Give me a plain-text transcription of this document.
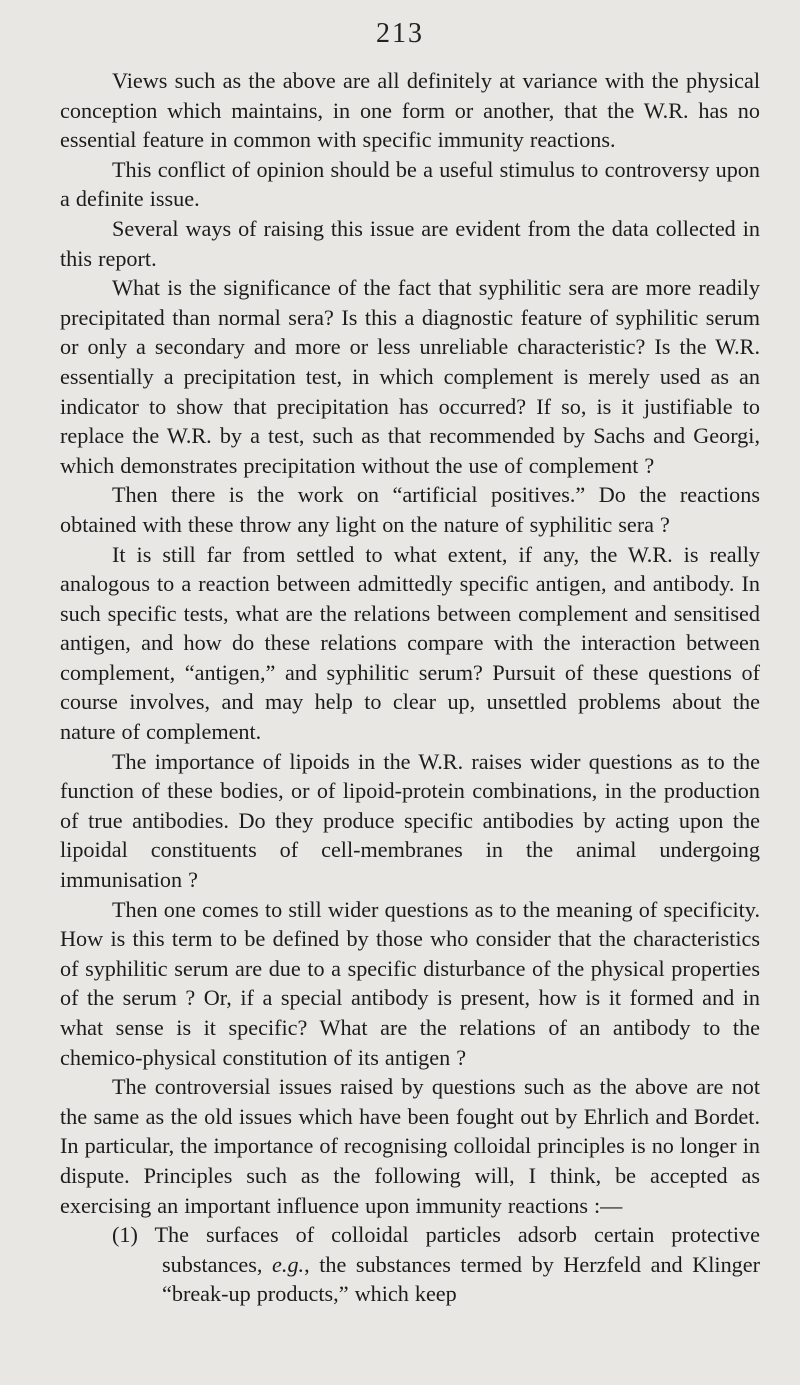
213

Views such as the above are all definitely at variance with the physical conception which maintains, in one form or another, that the W.R. has no essential feature in common with specific immunity reactions.

This conflict of opinion should be a useful stimulus to controversy upon a definite issue.

Several ways of raising this issue are evident from the data collected in this report.

What is the significance of the fact that syphilitic sera are more readily precipitated than normal sera? Is this a diagnostic feature of syphilitic serum or only a secondary and more or less unreliable characteristic? Is the W.R. essentially a precipitation test, in which complement is merely used as an indicator to show that precipitation has occurred? If so, is it justifiable to replace the W.R. by a test, such as that recommended by Sachs and Georgi, which demonstrates precipitation without the use of complement ?

Then there is the work on “artificial positives.” Do the reactions obtained with these throw any light on the nature of syphilitic sera ?

It is still far from settled to what extent, if any, the W.R. is really analogous to a reaction between admittedly specific antigen, and antibody. In such specific tests, what are the relations between complement and sensitised antigen, and how do these relations compare with the interaction between complement, “antigen,” and syphilitic serum? Pursuit of these questions of course involves, and may help to clear up, unsettled problems about the nature of complement.

The importance of lipoids in the W.R. raises wider questions as to the function of these bodies, or of lipoid-protein combinations, in the production of true antibodies. Do they produce specific antibodies by acting upon the lipoidal constituents of cell-membranes in the animal undergoing immunisation ?

Then one comes to still wider questions as to the meaning of specificity. How is this term to be defined by those who consider that the characteristics of syphilitic serum are due to a specific disturbance of the physical properties of the serum ? Or, if a special antibody is present, how is it formed and in what sense is it specific? What are the relations of an antibody to the chemico-physical constitution of its antigen ?

The controversial issues raised by questions such as the above are not the same as the old issues which have been fought out by Ehrlich and Bordet. In particular, the importance of recognising colloidal principles is no longer in dispute. Principles such as the following will, I think, be accepted as exercising an important influence upon immunity reactions :—

(1) The surfaces of colloidal particles adsorb certain protective substances, e.g., the substances termed by Herzfeld and Klinger “break-up products,” which keep
